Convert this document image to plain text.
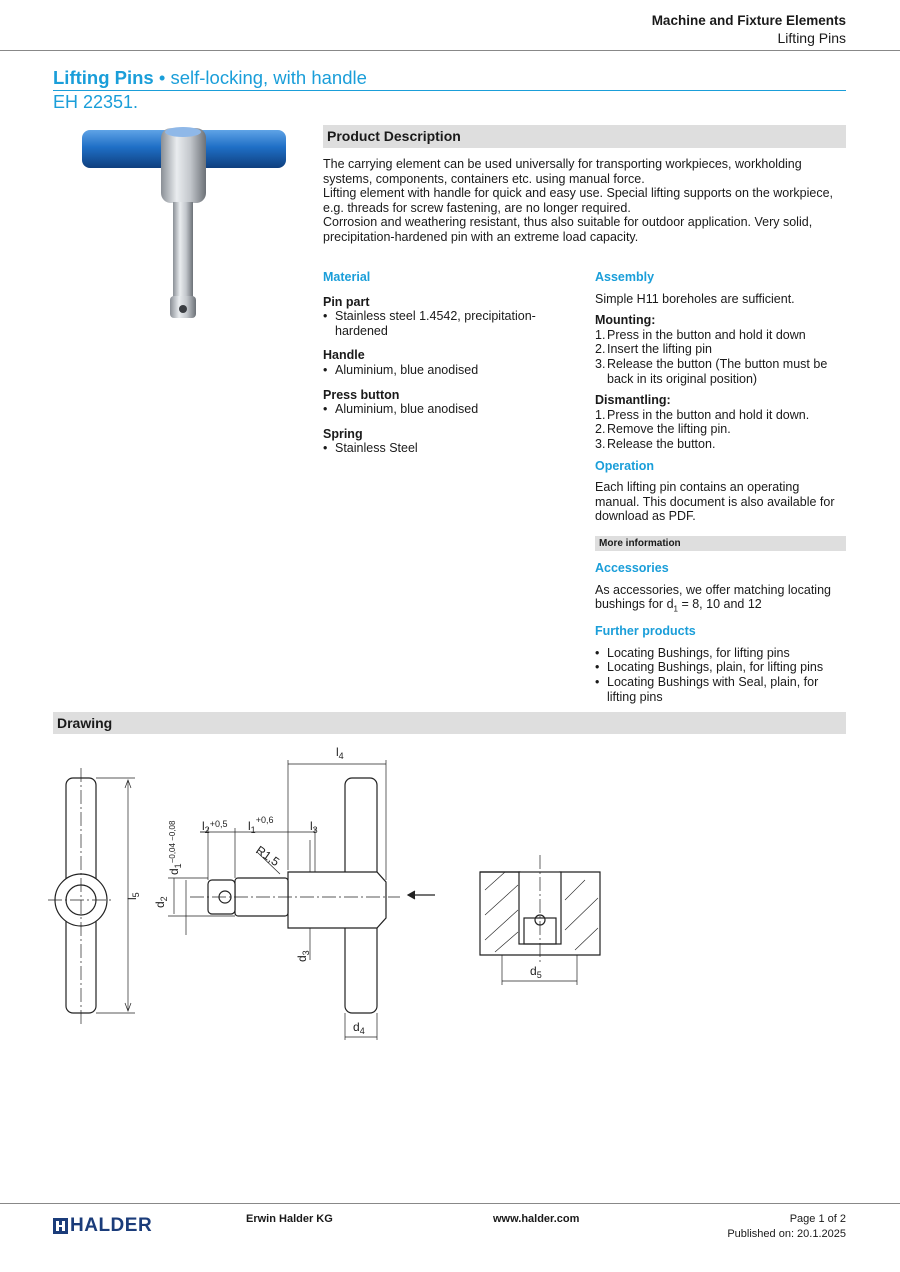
Machine and Fixture Elements
Lifting Pins
Lifting Pins • self-locking, with handle
EH 22351.
Product Description

The carrying element can be used universally for transporting workpieces, workholding systems, components, containers etc. using manual force.

Lifting element with handle for quick and easy use. Special lifting supports on the workpiece, e.g. threads for screw fastening, are no longer required.

Corrosion and weathering resistant, thus also suitable for outdoor application. Very solid, precipitation-hardened pin with an extreme load capacity.

Material
Pin part
• Stainless steel 1.4542, precipitation-hardened
Handle
• Aluminium, blue anodised
Press button
• Aluminium, blue anodised
Spring
• Stainless Steel
Assembly

Simple H11 boreholes are sufficient.

Mounting:
1. Press in the button and hold it down
2. Insert the lifting pin
3. Release the button (The button must be back in its original position)
Dismantling:
1. Press in the button and hold it down.
2. Remove the lifting pin.
3. Release the button.
Operation

Each lifting pin contains an operating manual. This document is also available for download as PDF.

More information
Accessories

As accessories, we offer matching locating bushings for $d_1 = 8$, 10 and 12

Further products
• Locating Bushings, for lifting pins
• Locating Bushings, plain, for lifting pins
• Locating Bushings with Seal, plain, for lifting pins
Drawing
$l_5$
$l_4$
$l_2^{+0,5}$ $l_1^{+0,6}$	$l_3$
$d_1^{-0,04 -0,08}$
$d_2$
$d_3$
$d_4$
$d_5$
R1,5
HALDER	Erwin Halder KG	www.halder.com	Page 1 of 2
Published on: 20.1.2025
